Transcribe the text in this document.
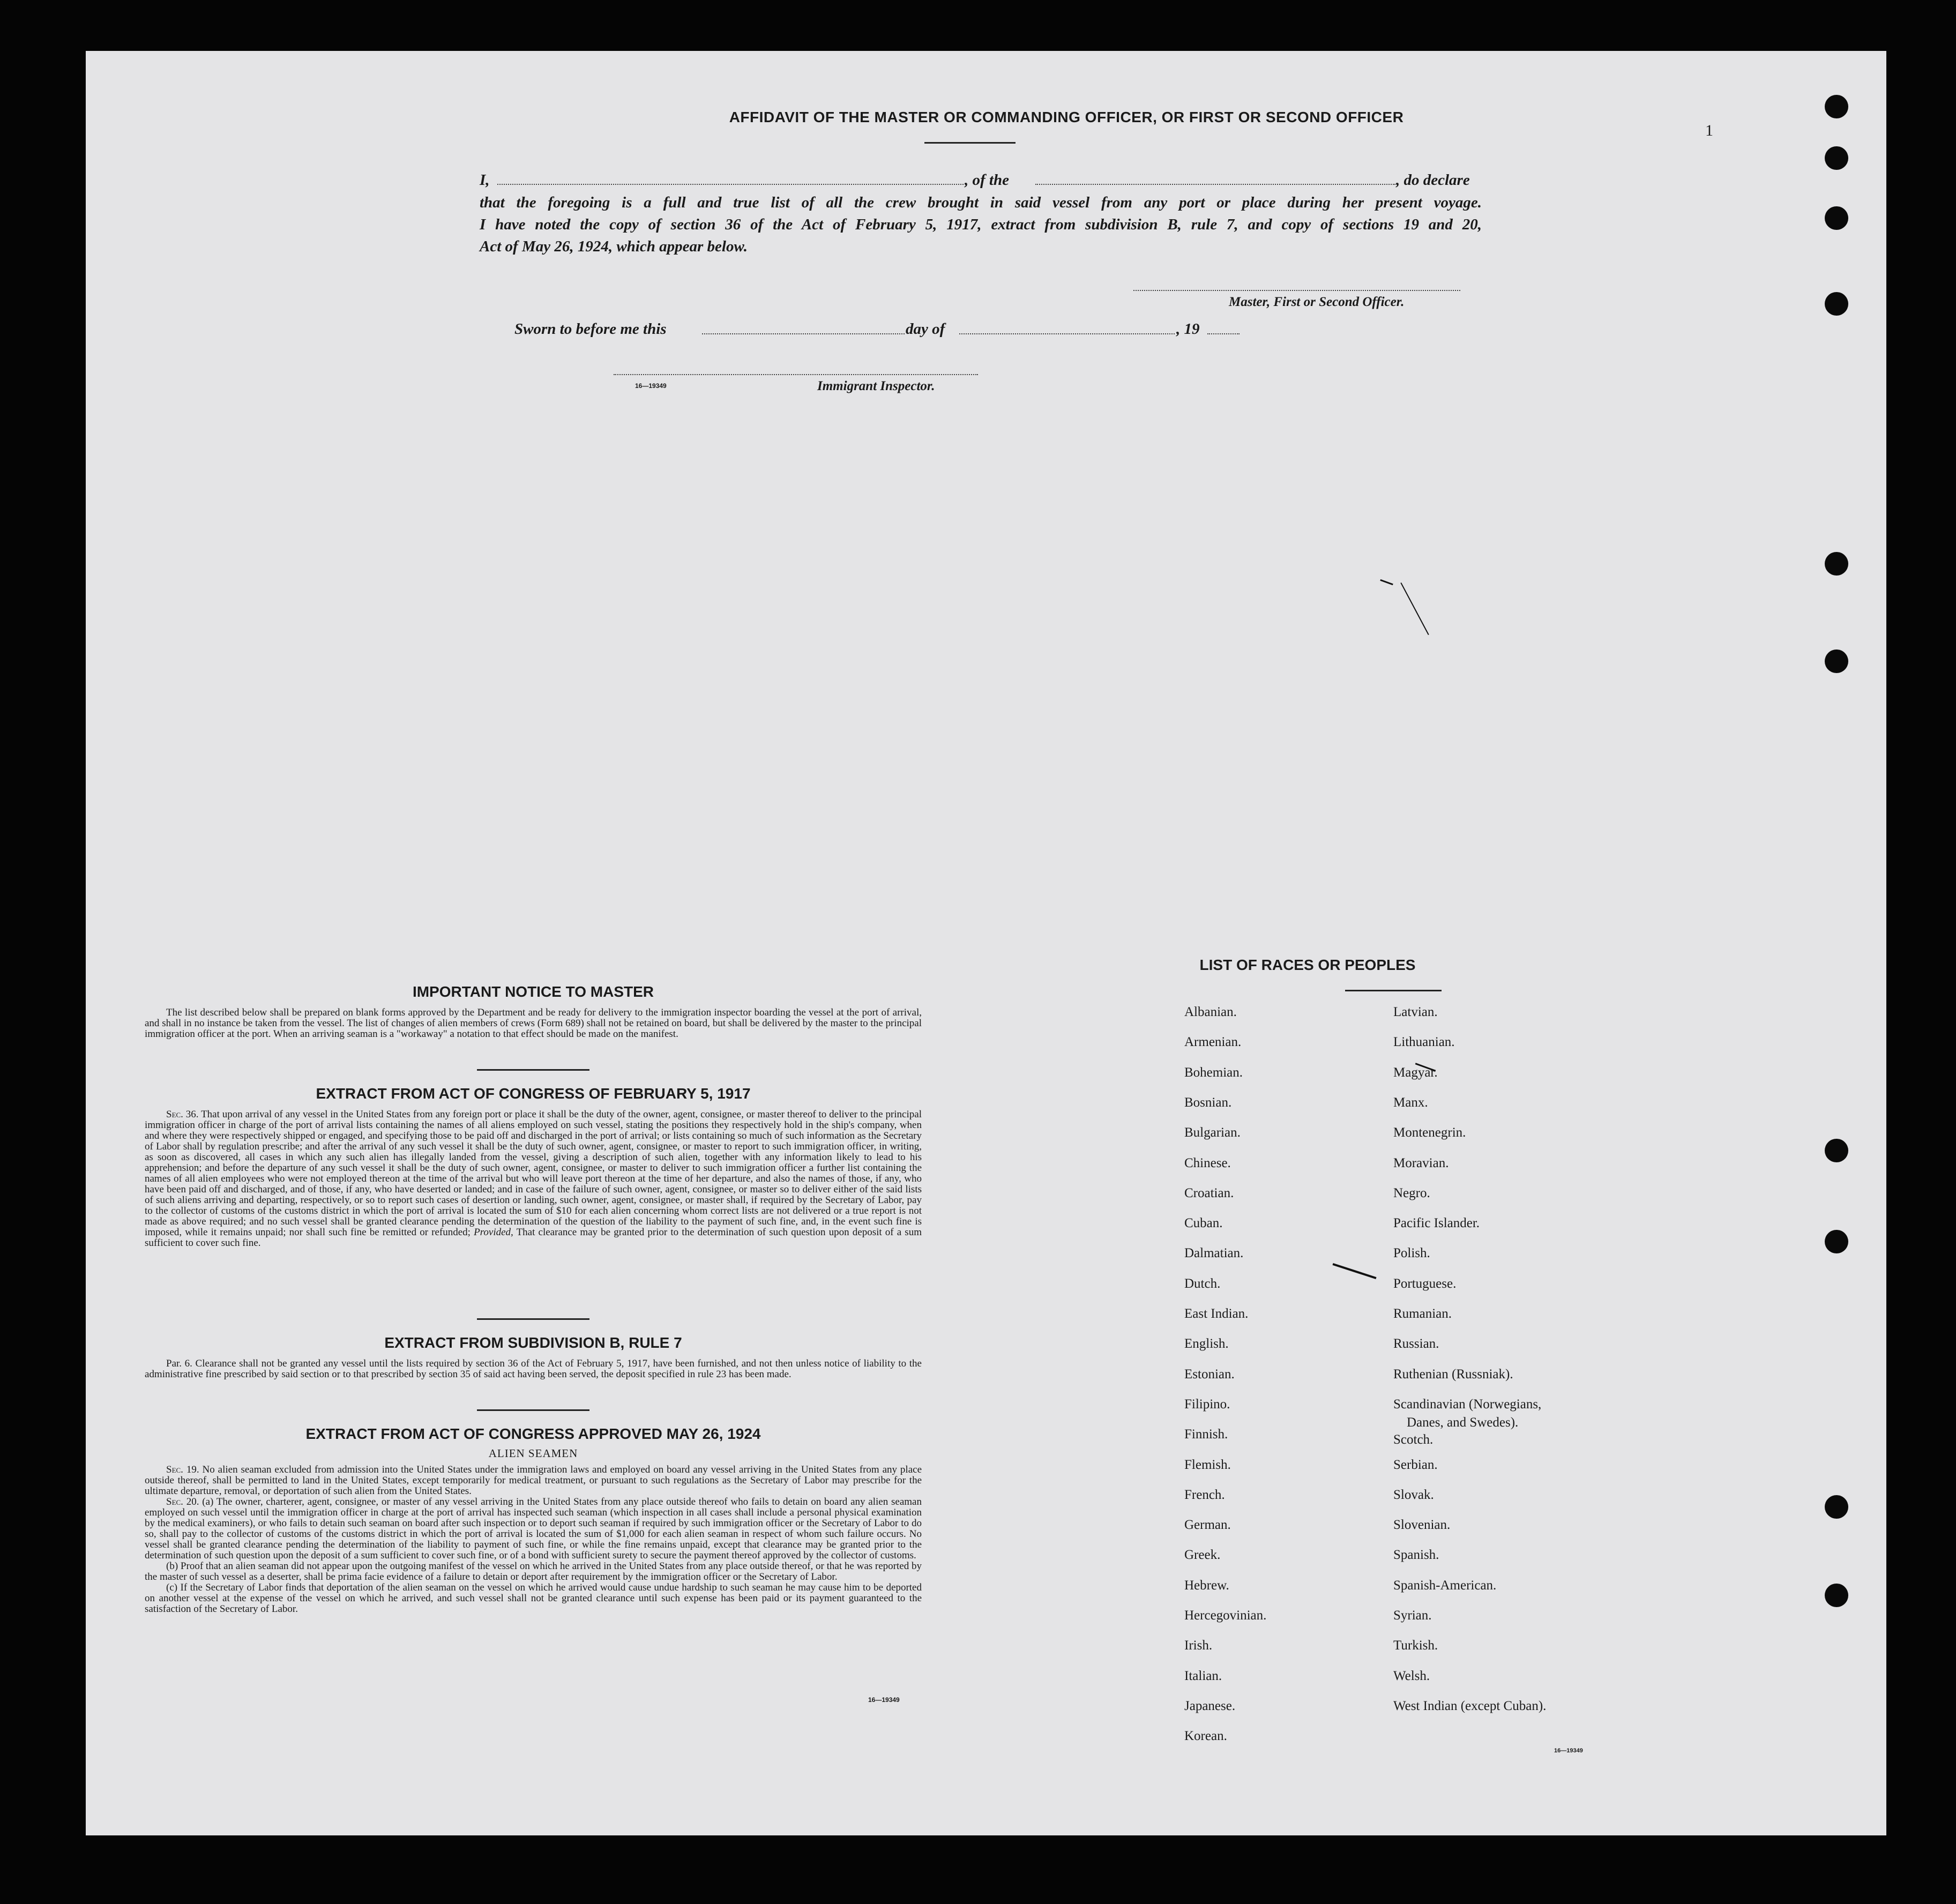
1
AFFIDAVIT OF THE MASTER OR COMMANDING OFFICER, OR FIRST OR SECOND OFFICER
I,	, of the	, do declare
that the foregoing is a full and true list of all the crew brought in said vessel from any port or place during her present voyage.
I have noted the copy of section 36 of the Act of February 5, 1917, extract from subdivision B, rule 7, and copy of sections 19 and 20,
Act of May 26, 1924, which appear below.
Master, First or Second Officer.
Sworn to before me this	day of	, 19
16—19349	Immigrant Inspector.
IMPORTANT NOTICE TO MASTER

The list described below shall be prepared on blank forms approved by the Department and be ready for delivery to the immigration inspector boarding the vessel at the port of arrival, and shall in no instance be taken from the vessel. The list of changes of alien members of crews (Form 689) shall not be retained on board, but shall be delivered by the master to the principal immigration officer at the port. When an arriving seaman is a "workaway" a notation to that effect should be made on the manifest.

EXTRACT FROM ACT OF CONGRESS OF FEBRUARY 5, 1917

Sec. 36. That upon arrival of any vessel in the United States from any foreign port or place it shall be the duty of the owner, agent, consignee, or master thereof to deliver to the principal immigration officer in charge of the port of arrival lists containing the names of all aliens employed on such vessel, stating the positions they respectively hold in the ship's company, when and where they were respectively shipped or engaged, and specifying those to be paid off and discharged in the port of arrival; or lists containing so much of such information as the Secretary of Labor shall by regulation prescribe; and after the arrival of any such vessel it shall be the duty of such owner, agent, consignee, or master to report to such immigration officer, in writing, as soon as discovered, all cases in which any such alien has illegally landed from the vessel, giving a description of such alien, together with any information likely to lead to his apprehension; and before the departure of any such vessel it shall be the duty of such owner, agent, consignee, or master to deliver to such immigration officer a further list containing the names of all alien employees who were not employed thereon at the time of the arrival but who will leave port thereon at the time of her departure, and also the names of those, if any, who have been paid off and discharged, and of those, if any, who have deserted or landed; and in case of the failure of such owner, agent, consignee, or master so to deliver either of the said lists of such aliens arriving and departing, respectively, or so to report such cases of desertion or landing, such owner, agent, consignee, or master shall, if required by the Secretary of Labor, pay to the collector of customs of the customs district in which the port of arrival is located the sum of $10 for each alien concerning whom correct lists are not delivered or a true report is not made as above required; and no such vessel shall be granted clearance pending the determination of the question of the liability to the payment of such fine, and, in the event such fine is imposed, while it remains unpaid; nor shall such fine be remitted or refunded; Provided, That clearance may be granted prior to the determination of such question upon deposit of a sum sufficient to cover such fine.

EXTRACT FROM SUBDIVISION B, RULE 7

Par. 6. Clearance shall not be granted any vessel until the lists required by section 36 of the Act of February 5, 1917, have been furnished, and not then unless notice of liability to the administrative fine prescribed by said section or to that prescribed by section 35 of said act having been served, the deposit specified in rule 23 has been made.

EXTRACT FROM ACT OF CONGRESS APPROVED MAY 26, 1924
ALIEN SEAMEN

Sec. 19. No alien seaman excluded from admission into the United States under the immigration laws and employed on board any vessel arriving in the United States from any place outside thereof, shall be permitted to land in the United States, except temporarily for medical treatment, or pursuant to such regulations as the Secretary of Labor may prescribe for the ultimate departure, removal, or deportation of such alien from the United States.

Sec. 20. (a) The owner, charterer, agent, consignee, or master of any vessel arriving in the United States from any place outside thereof who fails to detain on board any alien seaman employed on such vessel until the immigration officer in charge at the port of arrival has inspected such seaman (which inspection in all cases shall include a personal physical examination by the medical examiners), or who fails to detain such seaman on board after such inspection or to deport such seaman if required by such immigration officer or the Secretary of Labor to do so, shall pay to the collector of customs of the customs district in which the port of arrival is located the sum of $1,000 for each alien seaman in respect of whom such failure occurs. No vessel shall be granted clearance pending the determination of the liability to payment of such fine, or while the fine remains unpaid, except that clearance may be granted prior to the determination of such question upon the deposit of a sum sufficient to cover such fine, or of a bond with sufficient surety to secure the payment thereof approved by the collector of customs.

(b) Proof that an alien seaman did not appear upon the outgoing manifest of the vessel on which he arrived in the United States from any place outside thereof, or that he was reported by the master of such vessel as a deserter, shall be prima facie evidence of a failure to detain or deport after requirement by the immigration officer or the Secretary of Labor.

(c) If the Secretary of Labor finds that deportation of the alien seaman on the vessel on which he arrived would cause undue hardship to such seaman he may cause him to be deported on another vessel at the expense of the vessel on which he arrived, and such vessel shall not be granted clearance until such expense has been paid or its payment guaranteed to the satisfaction of the Secretary of Labor.

16—19349
LIST OF RACES OR PEOPLES
Albanian.
Armenian.
Bohemian.
Bosnian.
Bulgarian.
Chinese.
Croatian.
Cuban.
Dalmatian.
Dutch.
East Indian.
English.
Estonian.
Filipino.
Finnish.
Flemish.
French.
German.
Greek.
Hebrew.
Hercegovinian.
Irish.
Italian.
Japanese.
Korean.
Latvian.
Lithuanian.
Magyar.
Manx.
Montenegrin.
Moravian.
Negro.
Pacific Islander.
Polish.
Portuguese.
Rumanian.
Russian.
Ruthenian (Russniak).
Scandinavian (Norwegians,
Danes, and Swedes).
Scotch.
Serbian.
Slovak.
Slovenian.
Spanish.
Spanish-American.
Syrian.
Turkish.
Welsh.
West Indian (except Cuban).
16—19349
